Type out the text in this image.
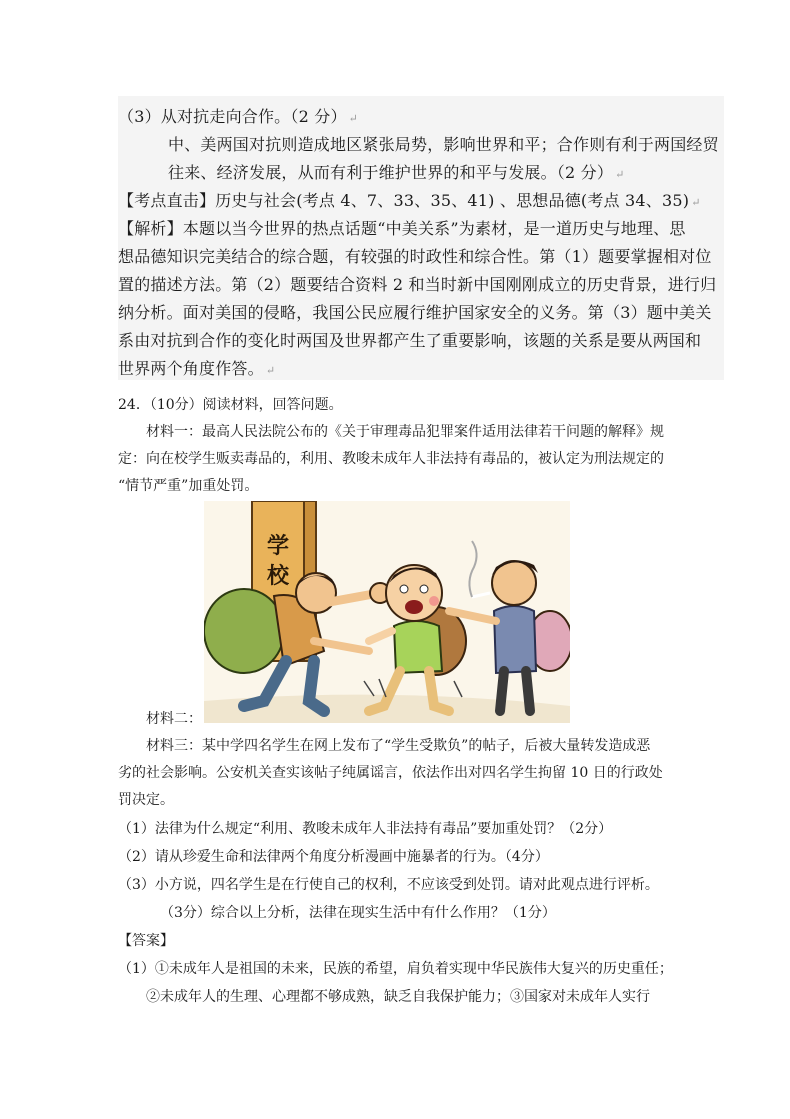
（3）从对抗走向合作。（2 分） ↵
中、美两国对抗则造成地区紧张局势，影响世界和平；合作则有利于两国经贸
往来、经济发展，从而有利于维护世界的和平与发展。（2 分） ↵
【考点直击】历史与社会(考点 4、7、33、35、41) 、思想品德(考点 34、35) ↵
【解析】本题以当今世界的热点话题“中美关系”为素材，是一道历史与地理、思
想品德知识完美结合的综合题，有较强的时政性和综合性。第（1）题要掌握相对位
置的描述方法。第（2）题要结合资料 2 和当时新中国刚刚成立的历史背景，进行归
纳分析。面对美国的侵略，我国公民应履行维护国家安全的义务。第（3）题中美关
系由对抗到合作的变化时两国及世界都产生了重要影响，该题的关系是要从两国和
世界两个角度作答。 ↵
24．（10分）阅读材料，回答问题。
材料一：最高人民法院公布的《关于审理毒品犯罪案件适用法律若干问题的解释》规
定：向在校学生贩卖毒品的，利用、教唆未成年人非法持有毒品的，被认定为刑法规定的
“情节严重”加重处罚。
学
校
材料二：
材料三：某中学四名学生在网上发布了“学生受欺负”的帖子，后被大量转发造成恶
劣的社会影响。公安机关查实该帖子纯属谣言，依法作出对四名学生拘留 10 日的行政处
罚决定。
（1）法律为什么规定“利用、教唆未成年人非法持有毒品”要加重处罚？（2分）
（2）请从珍爱生命和法律两个角度分析漫画中施暴者的行为。（4分）
（3）小方说，四名学生是在行使自己的权利，不应该受到处罚。请对此观点进行评析。
（3分）综合以上分析，法律在现实生活中有什么作用？（1分）
【答案】
（1）①未成年人是祖国的未来，民族的希望，肩负着实现中华民族伟大复兴的历史重任；
②未成年人的生理、心理都不够成熟，缺乏自我保护能力；③国家对未成年人实行
